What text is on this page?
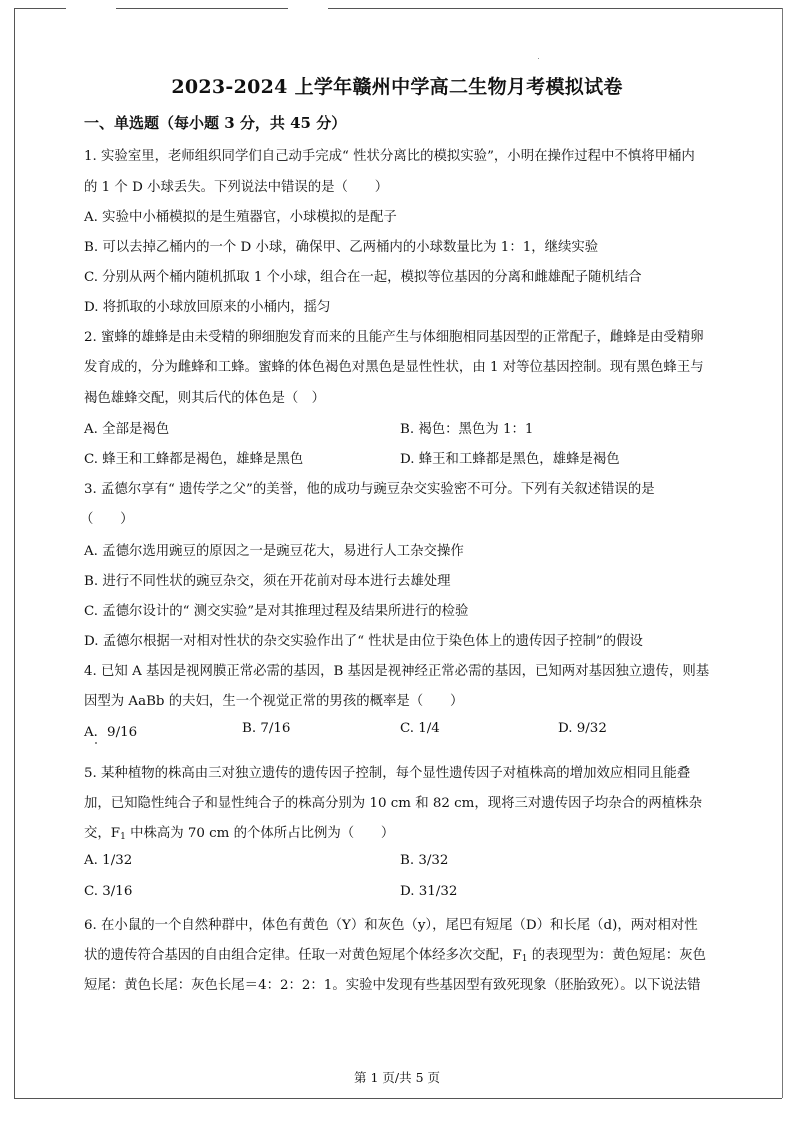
2023-2024 上学年赣州中学高二生物月考模拟试卷
一、单选题（每小题 3 分，共 45 分）
1. 实验室里，老师组织同学们自己动手完成“ 性状分离比的模拟实验”，小明在操作过程中不慎将甲桶内
的 1 个 D 小球丢失。下列说法中错误的是（　　）
A. 实验中小桶模拟的是生殖器官，小球模拟的是配子
B. 可以去掉乙桶内的一个 D 小球，确保甲、乙两桶内的小球数量比为 1：1，继续实验
C. 分别从两个桶内随机抓取 1 个小球，组合在一起，模拟等位基因的分离和雌雄配子随机结合
D. 将抓取的小球放回原来的小桶内，摇匀
2. 蜜蜂的雄蜂是由未受精的卵细胞发育而来的且能产生与体细胞相同基因型的正常配子，雌蜂是由受精卵
发育成的，分为雌蜂和工蜂。蜜蜂的体色褐色对黑色是显性性状，由 1 对等位基因控制。现有黑色蜂王与
褐色雄蜂交配，则其后代的体色是（　）
A. 全部是褐色	B. 褐色：黑色为 1：1
C. 蜂王和工蜂都是褐色，雄蜂是黑色	D. 蜂王和工蜂都是黑色，雄蜂是褐色
3. 孟德尔享有“ 遗传学之父”的美誉，他的成功与豌豆杂交实验密不可分。下列有关叙述错误的是
（　　）
A. 孟德尔选用豌豆的原因之一是豌豆花大，易进行人工杂交操作
B. 进行不同性状的豌豆杂交，须在开花前对母本进行去雄处理
C. 孟德尔设计的“ 测交实验”是对其推理过程及结果所进行的检验
D. 孟德尔根据一对相对性状的杂交实验作出了“ 性状是由位于染色体上的遗传因子控制”的假设
4. 已知 A 基因是视网膜正常必需的基因，B 基因是视神经正常必需的基因，已知两对基因独立遗传，则基
因型为 AaBb 的夫妇，生一个视觉正常的男孩的概率是（　　）
A．9/16	B. 7/16	C. 1/4	D. 9/32
5. 某种植物的株高由三对独立遗传的遗传因子控制，每个显性遗传因子对植株高的增加效应相同且能叠
加，已知隐性纯合子和显性纯合子的株高分别为 10 cm 和 82 cm，现将三对遗传因子均杂合的两植株杂
交，$F_1$ 中株高为 70 cm 的个体所占比例为（　　）
A. 1/32	B. 3/32
C. 3/16	D. 31/32
6. 在小鼠的一个自然种群中，体色有黄色（Y）和灰色（y），尾巴有短尾（D）和长尾（d)，两对相对性
状的遗传符合基因的自由组合定律。任取一对黄色短尾个体经多次交配，$F_1$ 的表现型为：黄色短尾：灰色
短尾：黄色长尾：灰色长尾＝4：2：2：1。实验中发现有些基因型有致死现象（胚胎致死）。以下说法错
第 1 页/共 5 页
